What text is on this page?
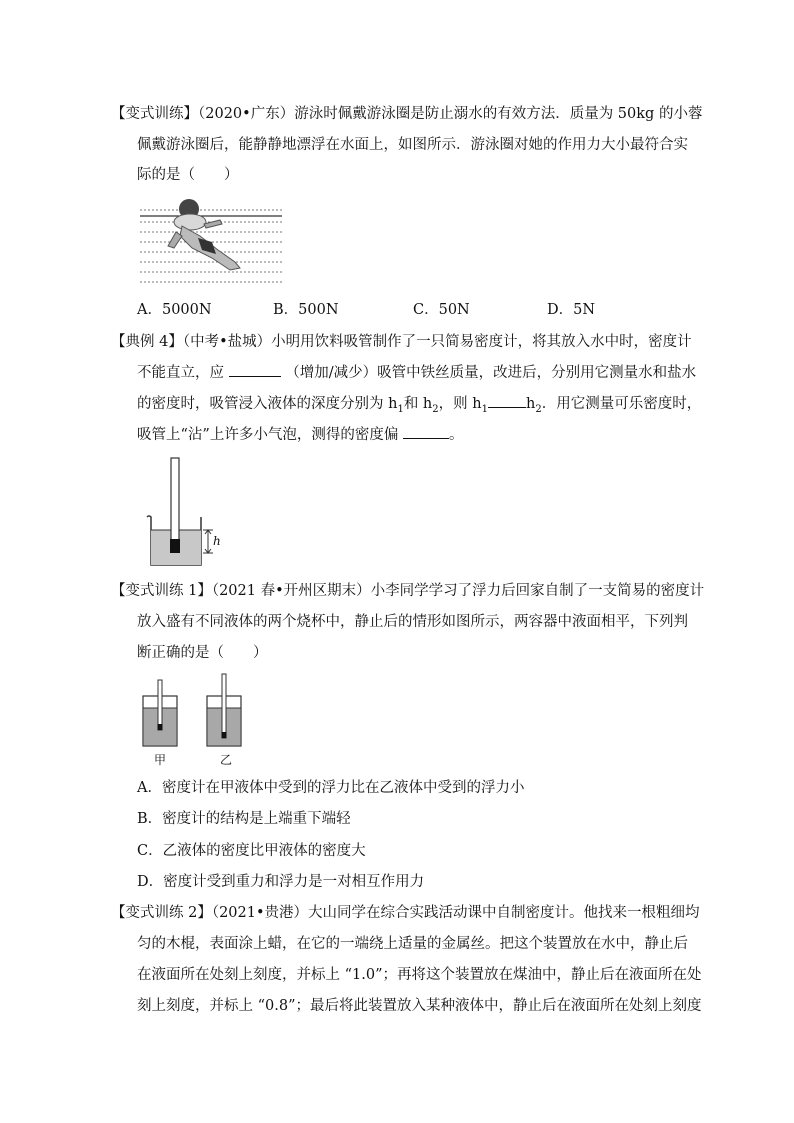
【变式训练】（2020•广东）游泳时佩戴游泳圈是防止溺水的有效方法．质量为 50kg 的小蓉
佩戴游泳圈后，能静静地漂浮在水面上，如图所示．游泳圈对她的作用力大小最符合实
际的是（　　）
A．5000N	B．500N	C．50N	D．5N
【典例 4】（中考•盐城）小明用饮料吸管制作了一只简易密度计，将其放入水中时，密度计
不能直立，应	（增加/减少）吸管中铁丝质量，改进后，分别用它测量水和盐水
的密度时，吸管浸入液体的深度分别为 $h_1$和 $h_2$，则 $h_1$	$h_2$．用它测量可乐密度时，
吸管上“沾”上许多小气泡，测得的密度偏	。
h
【变式训练 1】（2021 春•开州区期末）小李同学学习了浮力后回家自制了一支简易的密度计
放入盛有不同液体的两个烧杯中，静止后的情形如图所示，两容器中液面相平，下列判
断正确的是（　　）
甲	乙
A．密度计在甲液体中受到的浮力比在乙液体中受到的浮力小
B．密度计的结构是上端重下端轻
C．乙液体的密度比甲液体的密度大
D．密度计受到重力和浮力是一对相互作用力
【变式训练 2】（2021•贵港）大山同学在综合实践活动课中自制密度计。他找来一根粗细均
匀的木棍，表面涂上蜡，在它的一端绕上适量的金属丝。把这个装置放在水中，静止后
在液面所在处刻上刻度，并标上 “1.0”；再将这个装置放在煤油中，静止后在液面所在处
刻上刻度，并标上 “0.8”；最后将此装置放入某种液体中，静止后在液面所在处刻上刻度
